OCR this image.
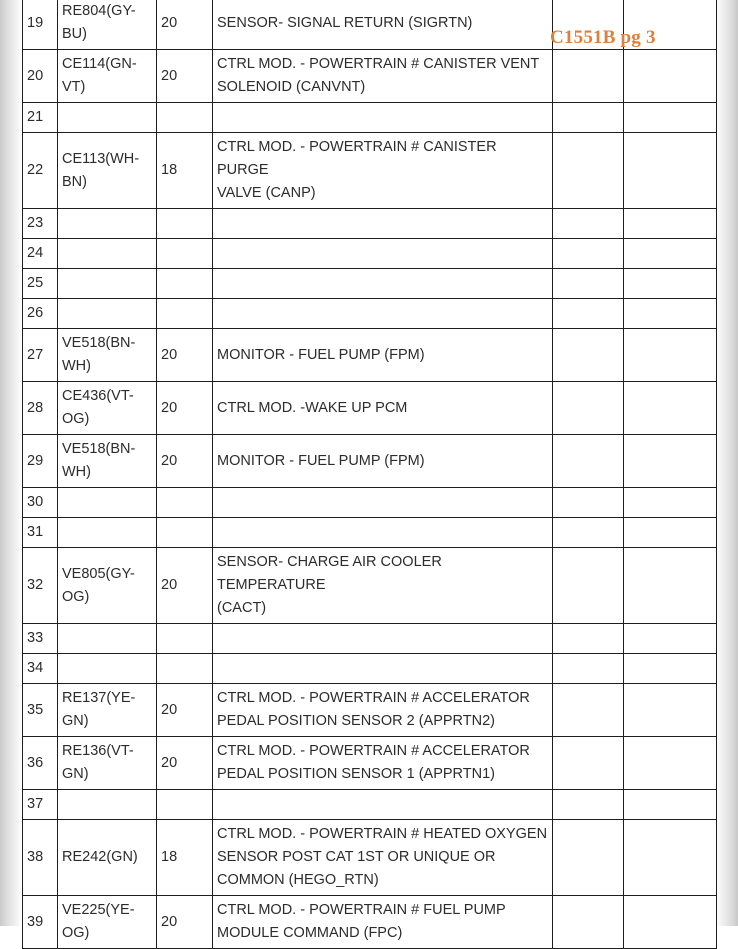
19	RE804(GY-
BU)	20	SENSOR- SIGNAL RETURN (SIGRTN)		
20	CE114(GN-
VT)	20	CTRL MOD. - POWERTRAIN # CANISTER VENT
SOLENOID (CANVNT)		
21					
22	CE113(WH-
BN)	18	CTRL MOD. - POWERTRAIN # CANISTER PURGE
VALVE (CANP)		
23					
24					
25					
26					
27	VE518(BN-
WH)	20	MONITOR - FUEL PUMP (FPM)		
28	CE436(VT-
OG)	20	CTRL MOD. -WAKE UP PCM		
29	VE518(BN-
WH)	20	MONITOR - FUEL PUMP (FPM)		
30					
31					
32	VE805(GY-
OG)	20	SENSOR- CHARGE AIR COOLER TEMPERATURE
(CACT)		
33					
34					
35	RE137(YE-
GN)	20	CTRL MOD. - POWERTRAIN # ACCELERATOR
PEDAL POSITION SENSOR 2 (APPRTN2)		
36	RE136(VT-
GN)	20	CTRL MOD. - POWERTRAIN # ACCELERATOR
PEDAL POSITION SENSOR 1 (APPRTN1)		
37					
38	RE242(GN)	18	CTRL MOD. - POWERTRAIN # HEATED OXYGEN
SENSOR POST CAT 1ST OR UNIQUE OR
COMMON (HEGO_RTN)		
39	VE225(YE-
OG)	20	CTRL MOD. - POWERTRAIN # FUEL PUMP
MODULE COMMAND (FPC)		
C1551B pg 3
